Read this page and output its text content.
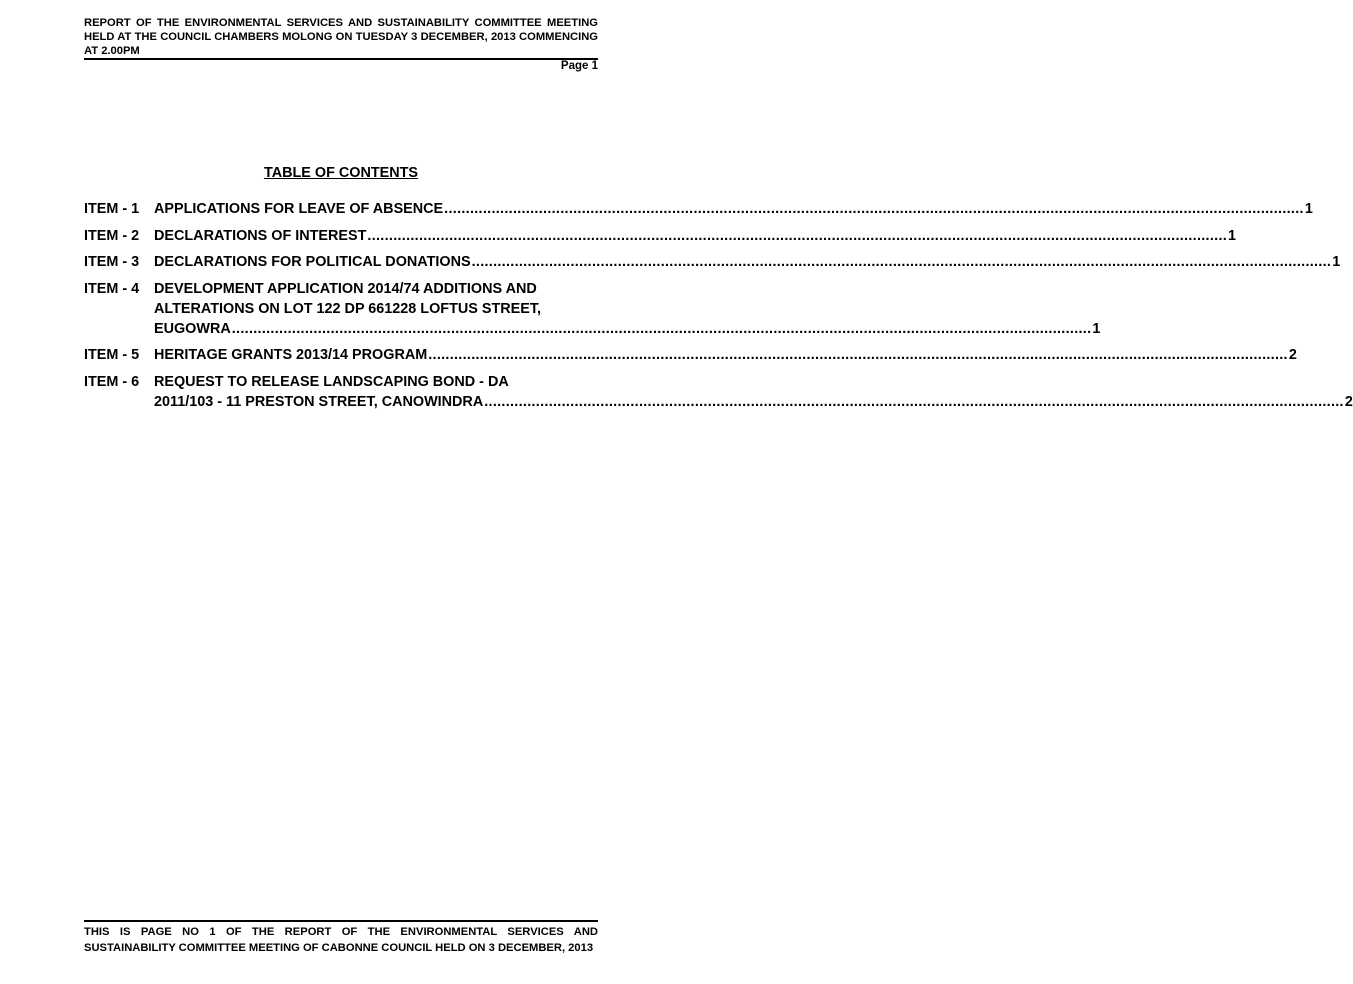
REPORT OF THE ENVIRONMENTAL SERVICES AND SUSTAINABILITY COMMITTEE MEETING HELD AT THE COUNCIL CHAMBERS MOLONG ON TUESDAY 3 DECEMBER, 2013 COMMENCING AT 2.00PM
Page 1
TABLE OF CONTENTS
ITEM - 1	APPLICATIONS FOR LEAVE OF ABSENCE ........................................................................................................................................................................................................ 1
ITEM - 2	DECLARATIONS OF INTEREST ........................................................................................................................................................................................................ 1
ITEM - 3	DECLARATIONS FOR POLITICAL DONATIONS ........................................................................................................................................................................................................ 1
ITEM - 4	DEVELOPMENT APPLICATION 2014/74 ADDITIONS AND
ALTERATIONS ON LOT 122 DP 661228 LOFTUS STREET,
EUGOWRA ........................................................................................................................................................................................................ 1
ITEM - 5	HERITAGE GRANTS 2013/14 PROGRAM ........................................................................................................................................................................................................ 2
ITEM - 6	REQUEST TO RELEASE LANDSCAPING BOND - DA
2011/103 - 11 PRESTON STREET, CANOWINDRA ........................................................................................................................................................................................................ 2
THIS IS PAGE NO 1 OF THE REPORT OF THE ENVIRONMENTAL SERVICES AND SUSTAINABILITY COMMITTEE MEETING OF CABONNE COUNCIL HELD ON 3 DECEMBER, 2013
